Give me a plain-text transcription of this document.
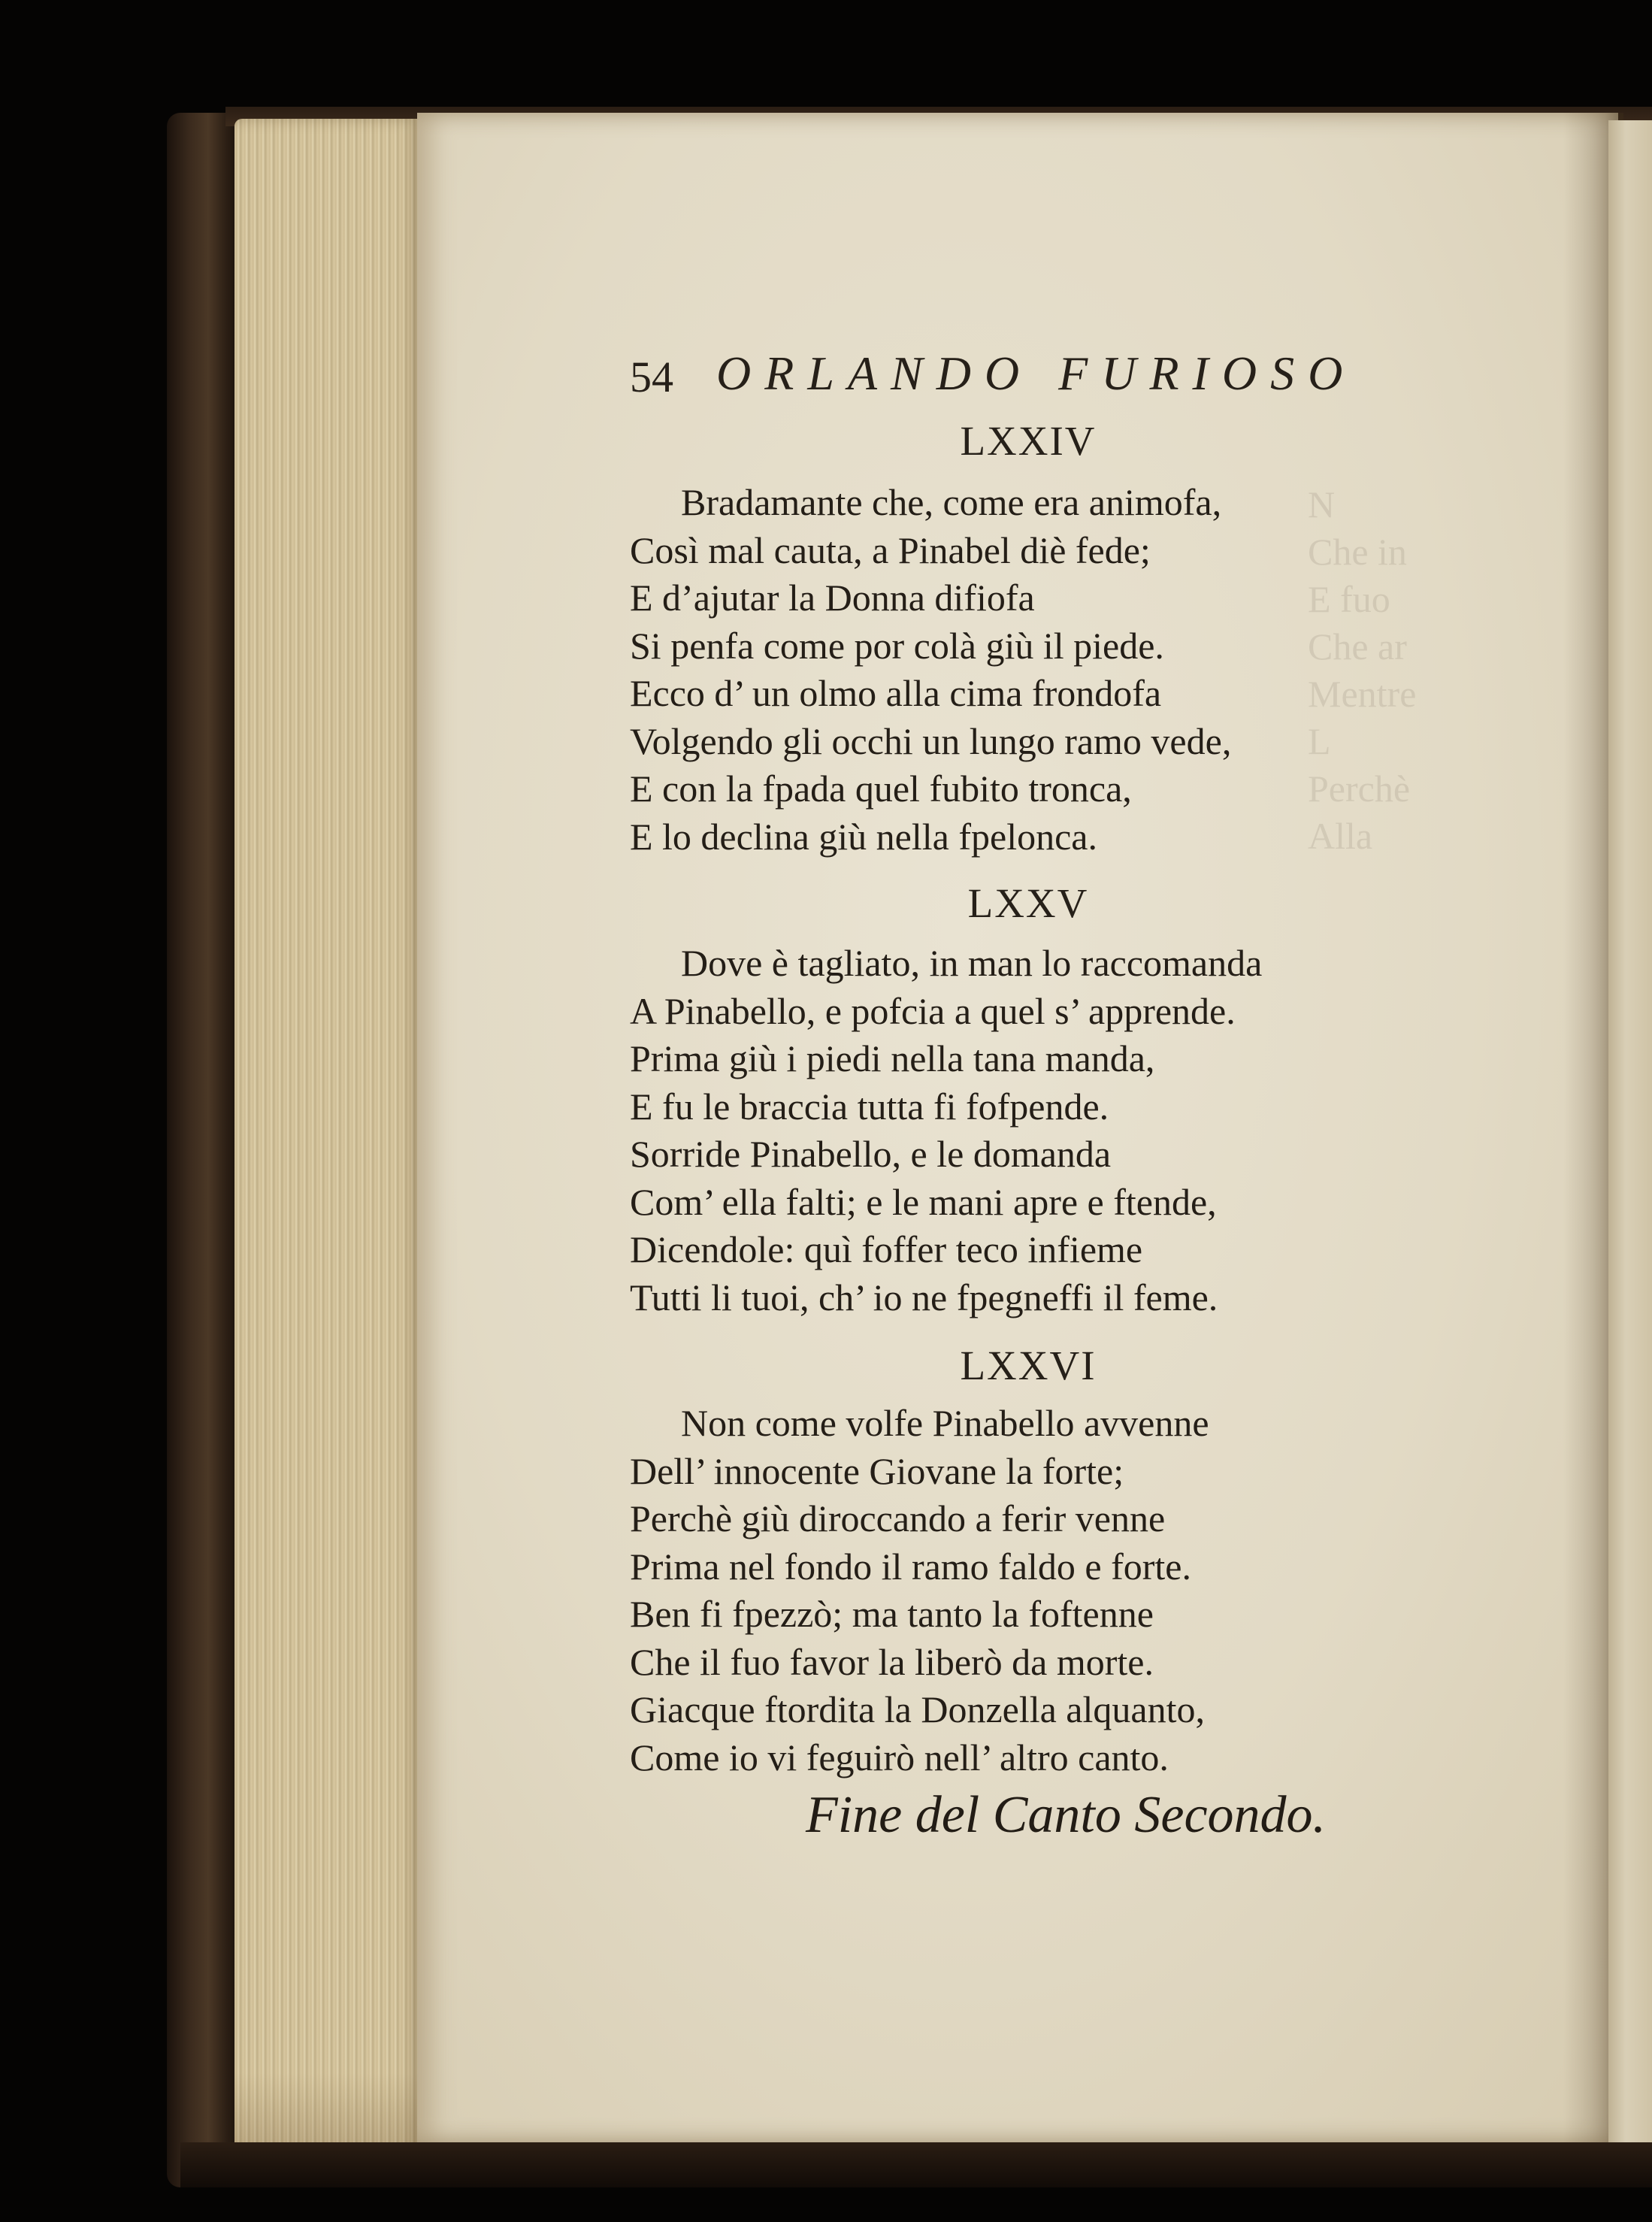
N
Che in
E fuo
Che ar
Mentre
L
Perchè
Alla
54 ORLANDO FURIOSO
LXXIV
Bradamante che, come era animofa,
Così mal cauta, a Pinabel diè fede;
E d’ajutar la Donna difiofa
Si penfa come por colà giù il piede.
Ecco d’ un olmo alla cima frondofa
Volgendo gli occhi un lungo ramo vede,
E con la fpada quel fubito tronca,
E lo declina giù nella fpelonca.
LXXV
Dove è tagliato, in man lo raccomanda
A Pinabello, e pofcia a quel s’ apprende.
Prima giù i piedi nella tana manda,
E fu le braccia tutta fi fofpende.
Sorride Pinabello, e le domanda
Com’ ella falti; e le mani apre e ftende,
Dicendole: quì foffer teco infieme
Tutti li tuoi, ch’ io ne fpegneffi il feme.
LXXVI
Non come volfe Pinabello avvenne
Dell’ innocente Giovane la forte;
Perchè giù diroccando a ferir venne
Prima nel fondo il ramo faldo e forte.
Ben fi fpezzò; ma tanto la foftenne
Che il fuo favor la liberò da morte.
Giacque ftordita la Donzella alquanto,
Come io vi feguirò nell’ altro canto.
Fine del Canto Secondo.
